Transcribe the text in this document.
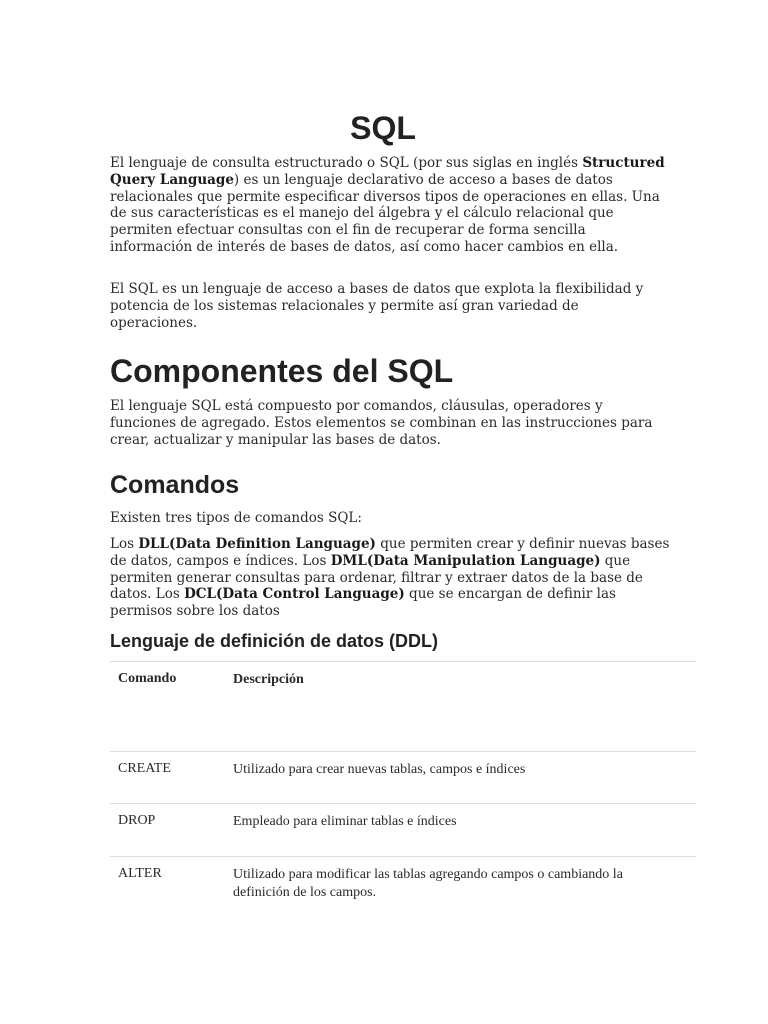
SQL

El lenguaje de consulta estructurado o SQL (por sus siglas en inglés Structured Query Language) es un lenguaje declarativo de acceso a bases de datos relacionales que permite especificar diversos tipos de operaciones en ellas. Una de sus características es el manejo del álgebra y el cálculo relacional que permiten efectuar consultas con el fin de recuperar de forma sencilla información de interés de bases de datos, así como hacer cambios en ella.

El SQL es un lenguaje de acceso a bases de datos que explota la flexibilidad y potencia de los sistemas relacionales y permite así gran variedad de operaciones.

Componentes del SQL

El lenguaje SQL está compuesto por comandos, cláusulas, operadores y funciones de agregado. Estos elementos se combinan en las instrucciones para crear, actualizar y manipular las bases de datos.

Comandos

Existen tres tipos de comandos SQL:

Los DLL(Data Definition Language) que permiten crear y definir nuevas bases de datos, campos e índices. Los DML(Data Manipulation Language) que permiten generar consultas para ordenar, filtrar y extraer datos de la base de datos. Los DCL(Data Control Language) que se encargan de definir las permisos sobre los datos

Lenguaje de definición de datos (DDL)
Comando	Descripción
CREATE	Utilizado para crear nuevas tablas, campos e índices
DROP	Empleado para eliminar tablas e índices
ALTER	Utilizado para modificar las tablas agregando campos o cambiando la definición de los campos.
